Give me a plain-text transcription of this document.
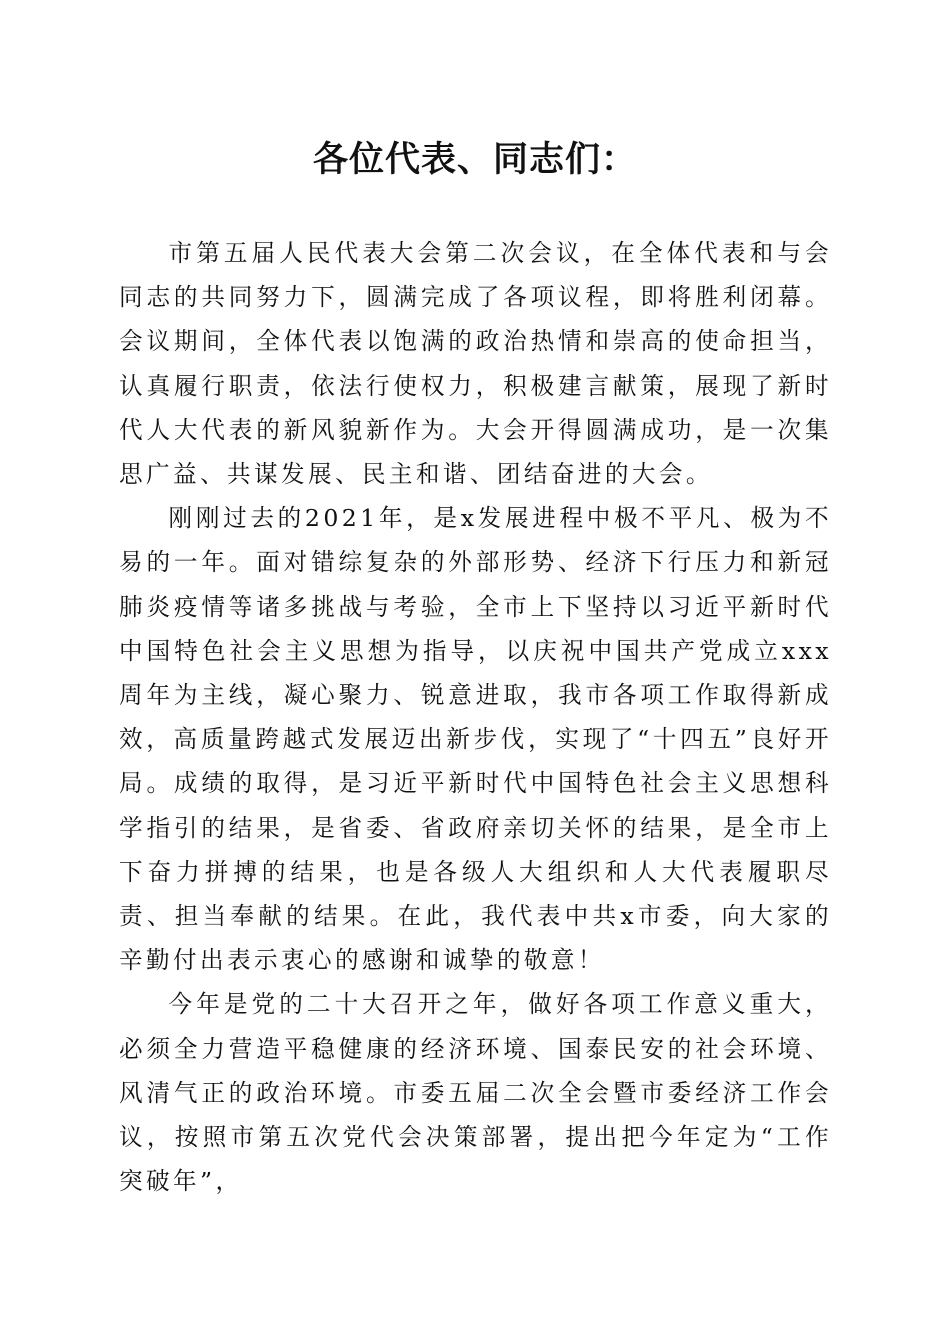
各位代表、同志们：

市第五届人民代表大会第二次会议，在全体代表和与会同志的共同努力下，圆满完成了各项议程，即将胜利闭幕。会议期间，全体代表以饱满的政治热情和崇高的使命担当，认真履行职责，依法行使权力，积极建言献策，展现了新时代人大代表的新风貌新作为。大会开得圆满成功，是一次集思广益、共谋发展、民主和谐、团结奋进的大会。

刚刚过去的2021年，是x发展进程中极不平凡、极为不易的一年。面对错综复杂的外部形势、经济下行压力和新冠肺炎疫情等诸多挑战与考验，全市上下坚持以习近平新时代中国特色社会主义思想为指导，以庆祝中国共产党成立xxx周年为主线，凝心聚力、锐意进取，我市各项工作取得新成效，高质量跨越式发展迈出新步伐，实现了“十四五”良好开局。成绩的取得，是习近平新时代中国特色社会主义思想科学指引的结果，是省委、省政府亲切关怀的结果，是全市上下奋力拼搏的结果，也是各级人大组织和人大代表履职尽责、担当奉献的结果。在此，我代表中共x市委，向大家的辛勤付出表示衷心的感谢和诚挚的敬意！

今年是党的二十大召开之年，做好各项工作意义重大，必须全力营造平稳健康的经济环境、国泰民安的社会环境、风清气正的政治环境。市委五届二次全会暨市委经济工作会议，按照市第五次党代会决策部署，提出把今年定为“工作突破年”，
